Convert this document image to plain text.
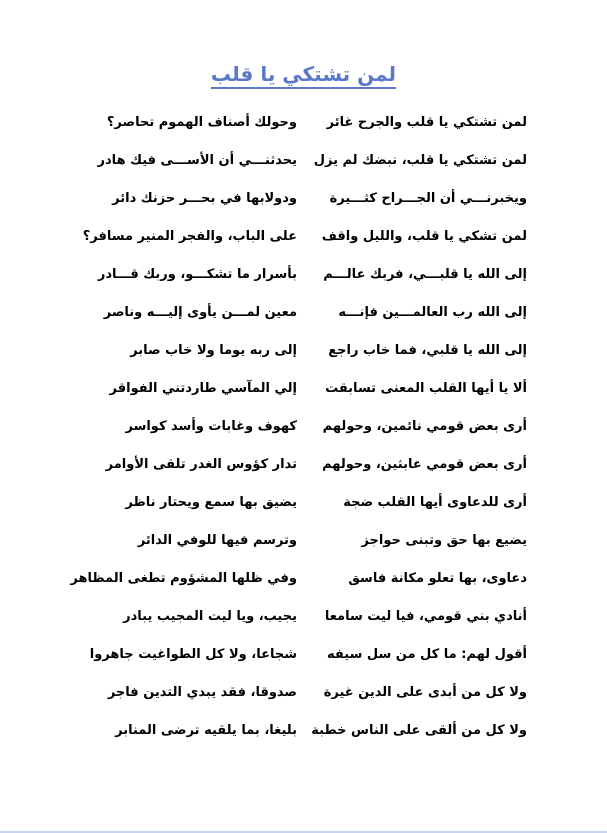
لمن تشتكي يا قلب
لمن تشتكي يا قلب والجرح غائر
لمن تشتكي يا قلب، نبضك لم يزل
ويخبرنـــي أن الجـــراح كثـــيرة
لمن تشكي يا قلب، والليل واقف
إلى الله يا قلبـــي، فربك عالـــم
إلى الله رب العالمـــين فإنـــه
إلى الله يا قلبي، فما خاب راجع
ألا يا أيها القلب المعنى تسابقت
أرى بعض قومي نائمين، وحولهم
أرى بعض قومي عابثين، وحولهم
أرى للدعاوى أيها القلب ضجة
يضيع بها حق وتبنى حواجز
دعاوى، بها تعلو مكانة فاسق
أنادي بني قومي، فيا ليت سامعا
أقول لهم: ما كل من سل سيفه
ولا كل من أبدى على الدين غيرة
ولا كل من ألقى على الناس خطبة
وحولك أصناف الهموم تحاصر؟
يحدثنـــي أن الأســـى فيك هادر
ودولابها في بحـــر حزنك دائر
على الباب، والفجر المنير مسافر؟
بأسرار ما تشكـــو، وربك قـــادر
معين لمـــن يأوى إليـــه وناصر
إلى ربه يوما ولا خاب صابر
إلي المآسي طاردتني الفواقر
كهوف وغابات وأسد كواسر
تدار كؤوس الغدر تلقى الأوامر
يضيق بها سمع ويحتار ناظر
وترسم فيها للوفي الدائر
وفي ظلها المشؤوم تطغى المظاهر
يجيب، ويا ليت المجيب يبادر
شجاعا، ولا كل الطواغيت جاهروا
صدوقا، فقد يبدي التدين فاجر
بليغا، بما يلقيه ترضى المنابر
